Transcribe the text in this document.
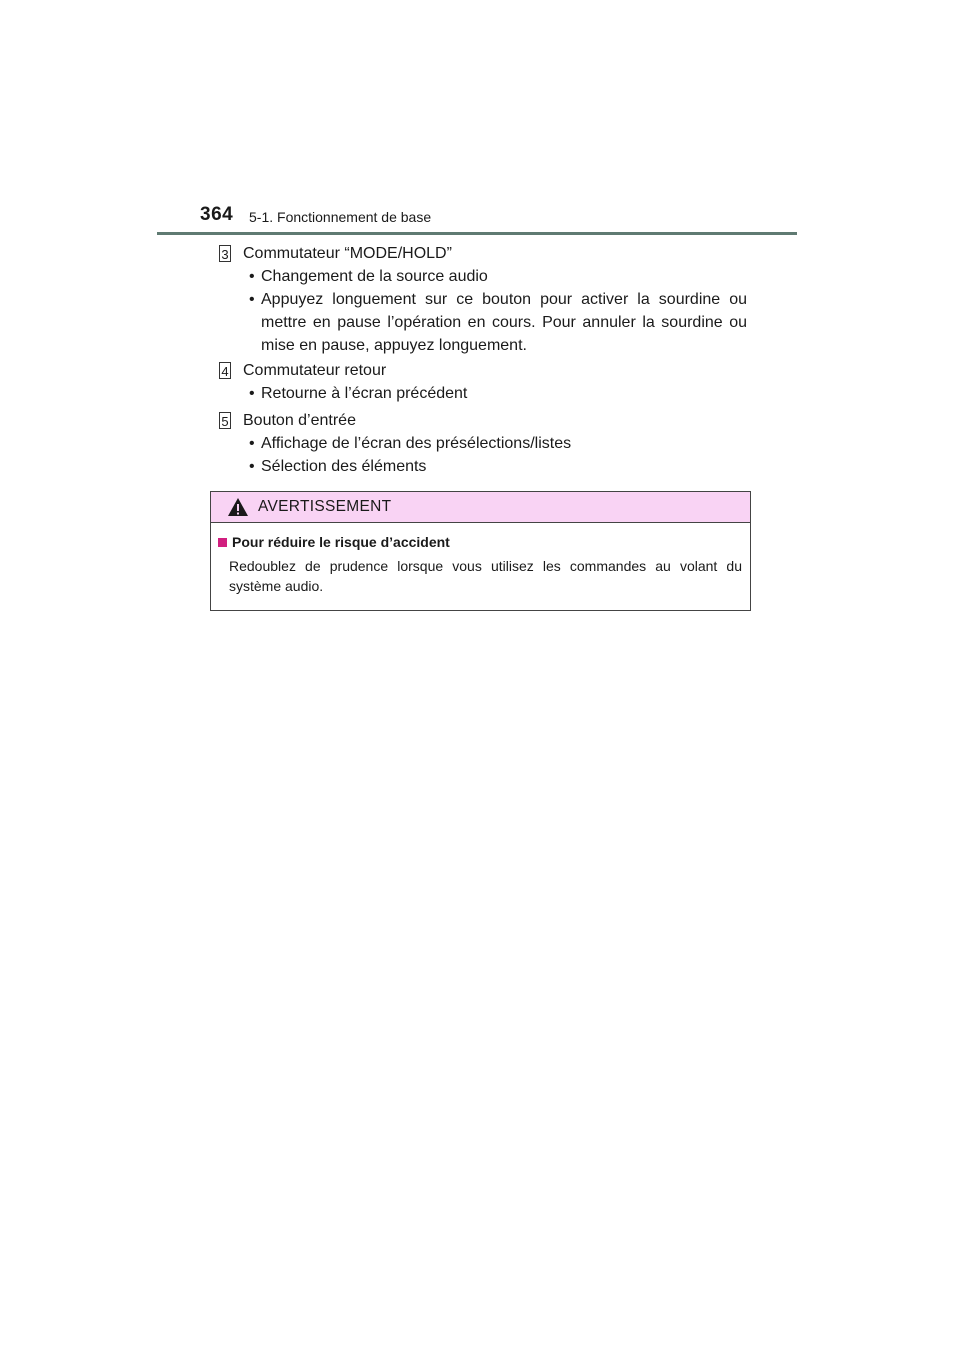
364 5-1. Fonctionnement de base
3 Commutateur “MODE/HOLD”
• Changement de la source audio
• Appuyez longuement sur ce bouton pour activer la sourdine ou mettre en pause l’opération en cours. Pour annuler la sourdine ou mise en pause, appuyez longuement.
4 Commutateur retour
• Retourne à l’écran précédent
5 Bouton d’entrée
• Affichage de l’écran des présélections/listes
• Sélection des éléments
AVERTISSEMENT
Pour réduire le risque d’accident
Redoublez de prudence lorsque vous utilisez les commandes au volant du système audio.
